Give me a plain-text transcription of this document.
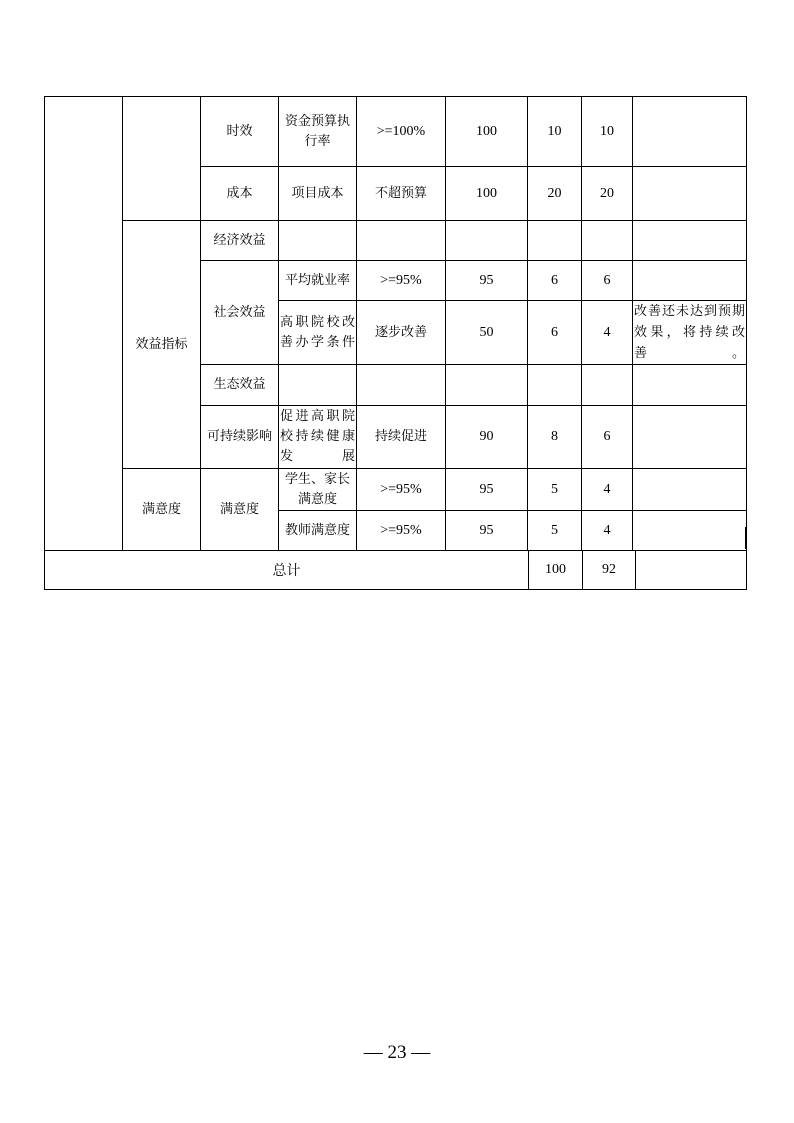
		时效	资金预算执行率	>=100%	100	10	10	
		成本	项目成本	不超预算	100	20	20	
	效益指标	经济效益						
		社会效益	平均就业率	>=95%	95	6	6	
			高职院校改善办学条件	逐步改善	50	6	4	改善还未达到预期效果，将持续改善。
		生态效益						
		可持续影响	促进高职院校持续健康发展	持续促进	90	8	6	
	满意度	满意度	学生、家长满意度	>=95%	95	5	4	
			教师满意度	>=95%	95	5	4	
总计	100	92	
— 23 —
